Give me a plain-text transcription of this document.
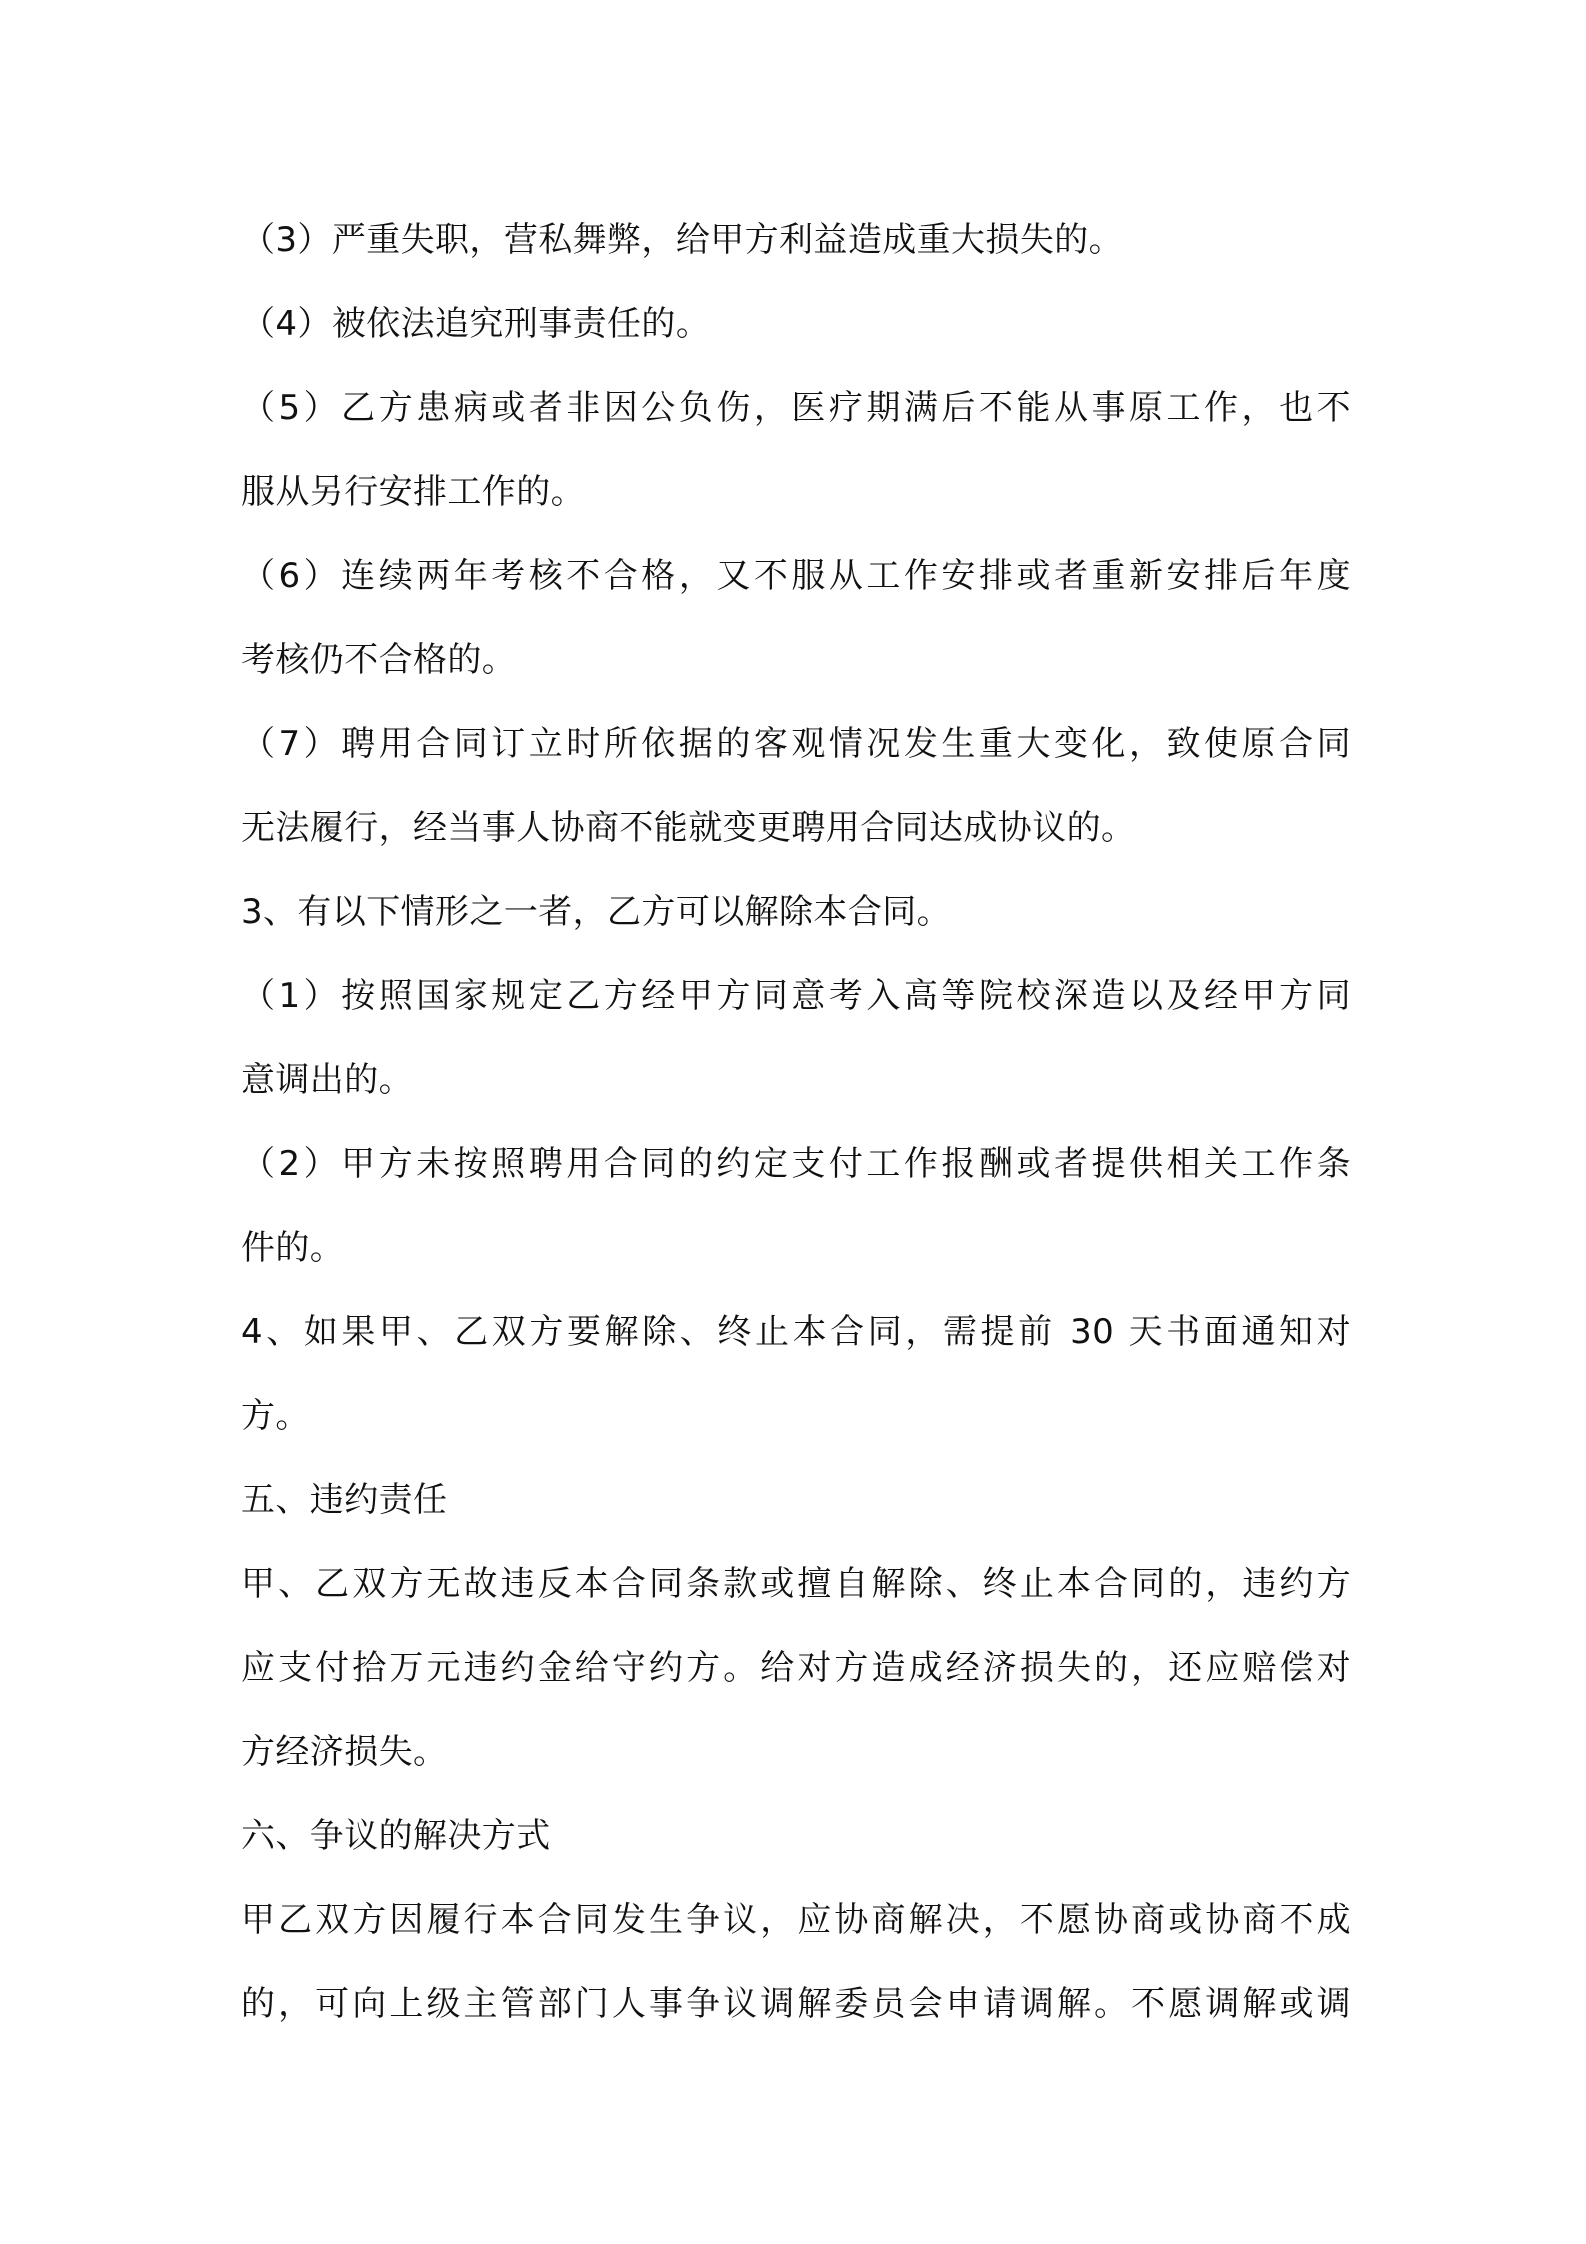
（3）严重失职，营私舞弊，给甲方利益造成重大损失的。
（4）被依法追究刑事责任的。
（5）乙方患病或者非因公负伤，医疗期满后不能从事原工作，也不
服从另行安排工作的。
（6）连续两年考核不合格，又不服从工作安排或者重新安排后年度
考核仍不合格的。
（7）聘用合同订立时所依据的客观情况发生重大变化，致使原合同
无法履行，经当事人协商不能就变更聘用合同达成协议的。
3、有以下情形之一者，乙方可以解除本合同。
（1）按照国家规定乙方经甲方同意考入高等院校深造以及经甲方同
意调出的。
（2）甲方未按照聘用合同的约定支付工作报酬或者提供相关工作条
件的。
4、如果甲、乙双方要解除、终止本合同，需提前 30 天书面通知对
方。
五、违约责任
甲、乙双方无故违反本合同条款或擅自解除、终止本合同的，违约方
应支付拾万元违约金给守约方。给对方造成经济损失的，还应赔偿对
方经济损失。
六、争议的解决方式
甲乙双方因履行本合同发生争议，应协商解决，不愿协商或协商不成
的，可向上级主管部门人事争议调解委员会申请调解。不愿调解或调
